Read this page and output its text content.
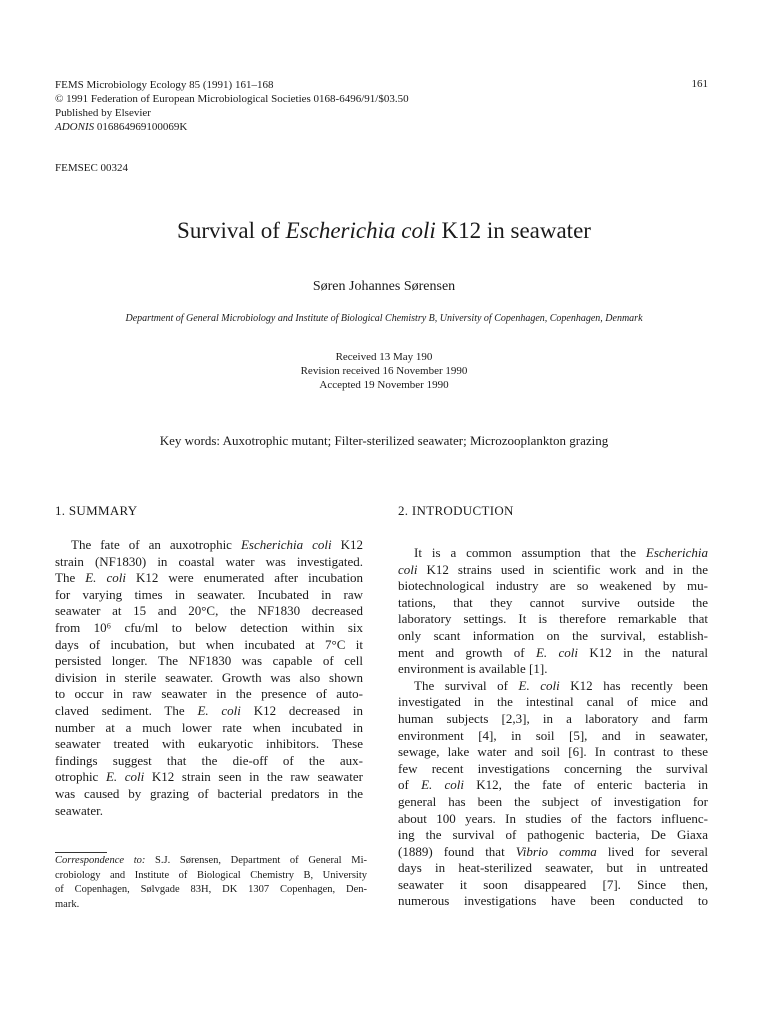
FEMS Microbiology Ecology 85 (1991) 161–168
© 1991 Federation of European Microbiological Societies 0168-6496/91/$03.50
Published by Elsevier
ADONIS 016864969100069K
161
FEMSEC 00324
Survival of Escherichia coli K12 in seawater
Søren Johannes Sørensen
Department of General Microbiology and Institute of Biological Chemistry B, University of Copenhagen, Copenhagen, Denmark
Received 13 May 190
Revision received 16 November 1990
Accepted 19 November 1990
Key words: Auxotrophic mutant; Filter-sterilized seawater; Microzooplankton grazing
1. SUMMARY
The fate of an auxotrophic Escherichia coli K12
strain (NF1830) in coastal water was investigated.
The E. coli K12 were enumerated after incubation
for varying times in seawater. Incubated in raw
seawater at 15 and 20°C, the NF1830 decreased
from 10⁶ cfu/ml to below detection within six
days of incubation, but when incubated at 7°C it
persisted longer. The NF1830 was capable of cell
division in sterile seawater. Growth was also shown
to occur in raw seawater in the presence of auto-
claved sediment. The E. coli K12 decreased in
number at a much lower rate when incubated in
seawater treated with eukaryotic inhibitors. These
findings suggest that the die-off of the aux-
otrophic E. coli K12 strain seen in the raw seawater
was caused by grazing of bacterial predators in the
seawater.
2. INTRODUCTION
It is a common assumption that the Escherichia
coli K12 strains used in scientific work and in the
biotechnological industry are so weakened by mu-
tations, that they cannot survive outside the
laboratory settings. It is therefore remarkable that
only scant information on the survival, establish-
ment and growth of E. coli K12 in the natural
environment is available [1].
The survival of E. coli K12 has recently been
investigated in the intestinal canal of mice and
human subjects [2,3], in a laboratory and farm
environment [4], in soil [5], and in seawater,
sewage, lake water and soil [6]. In contrast to these
few recent investigations concerning the survival
of E. coli K12, the fate of enteric bacteria in
general has been the subject of investigation for
about 100 years. In studies of the factors influenc-
ing the survival of pathogenic bacteria, De Giaxa
(1889) found that Vibrio comma lived for several
days in heat-sterilized seawater, but in untreated
seawater it soon disappeared [7]. Since then,
numerous investigations have been conducted to
Correspondence to: S.J. Sørensen, Department of General Mi-
crobiology and Institute of Biological Chemistry B, University
of Copenhagen, Sølvgade 83H, DK 1307 Copenhagen, Den-
mark.
